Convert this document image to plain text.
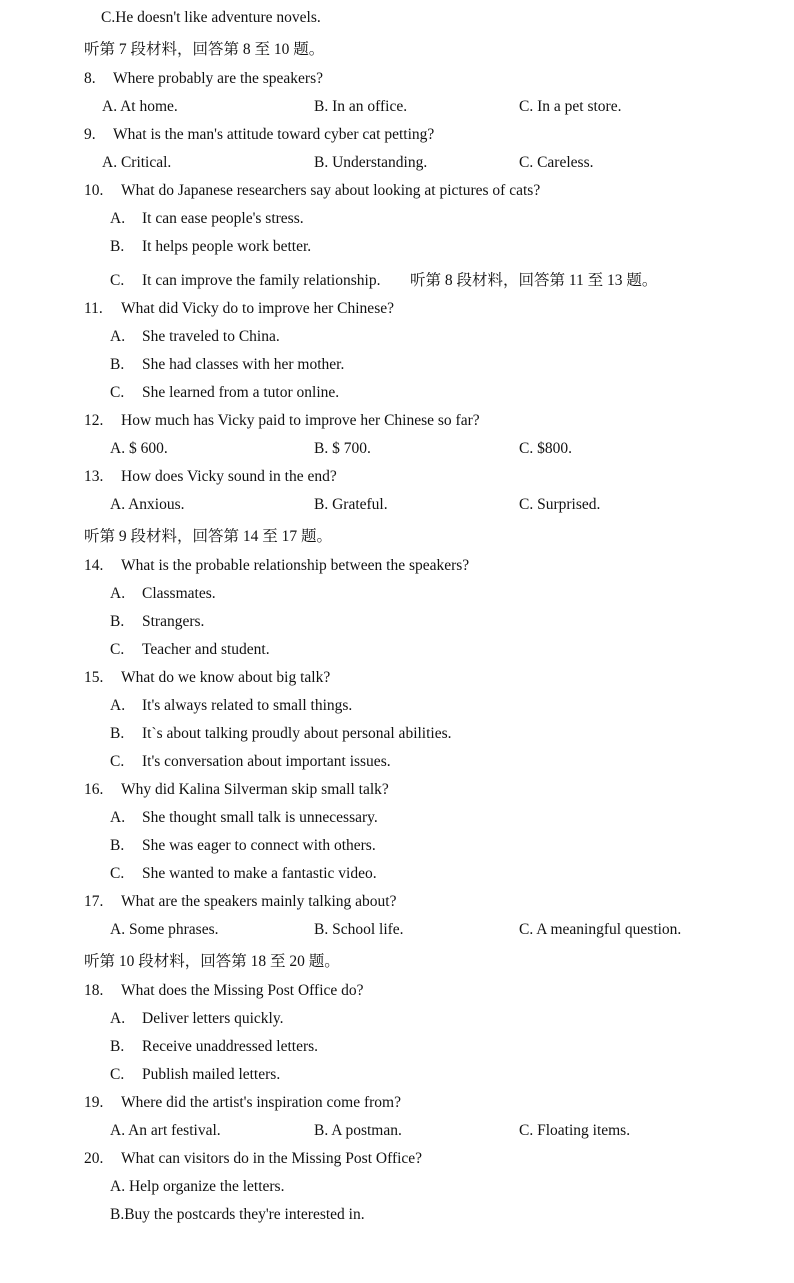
C.He doesn't like adventure novels.
听第 7 段材料，回答第 8 至 10 题。
8. Where probably are the speakers?
A. At home.	B. In an office.	C. In a pet store.
9. What is the man's attitude toward cyber cat petting?
A. Critical.	B. Understanding.	C. Careless.
10. What do Japanese researchers say about looking at pictures of cats?
A. It can ease people's stress.
B. It helps people work better.
C. It can improve the family relationship. 听第 8 段材料，回答第 11 至 13 题。
11. What did Vicky do to improve her Chinese?
A. She traveled to China.
B. She had classes with her mother.
C. She learned from a tutor online.
12. How much has Vicky paid to improve her Chinese so far?
A. $ 600.	B. $ 700.	C. $800.
13. How does Vicky sound in the end?
A. Anxious.	B. Grateful.	C. Surprised.
听第 9 段材料，回答第 14 至 17 题。
14. What is the probable relationship between the speakers?
A. Classmates.
B. Strangers.
C. Teacher and student.
15. What do we know about big talk?
A. It's always related to small things.
B. It`s about talking proudly about personal abilities.
C. It's conversation about important issues.
16. Why did Kalina Silverman skip small talk?
A. She thought small talk is unnecessary.
B. She was eager to connect with others.
C. She wanted to make a fantastic video.
17. What are the speakers mainly talking about?
A. Some phrases.	B. School life.	C. A meaningful question.
听第 10 段材料，回答第 18 至 20 题。
18. What does the Missing Post Office do?
A. Deliver letters quickly.
B. Receive unaddressed letters.
C. Publish mailed letters.
19. Where did the artist's inspiration come from?
A. An art festival.	B. A postman.	C. Floating items.
20. What can visitors do in the Missing Post Office?
A. Help organize the letters.
B.Buy the postcards they're interested in.
